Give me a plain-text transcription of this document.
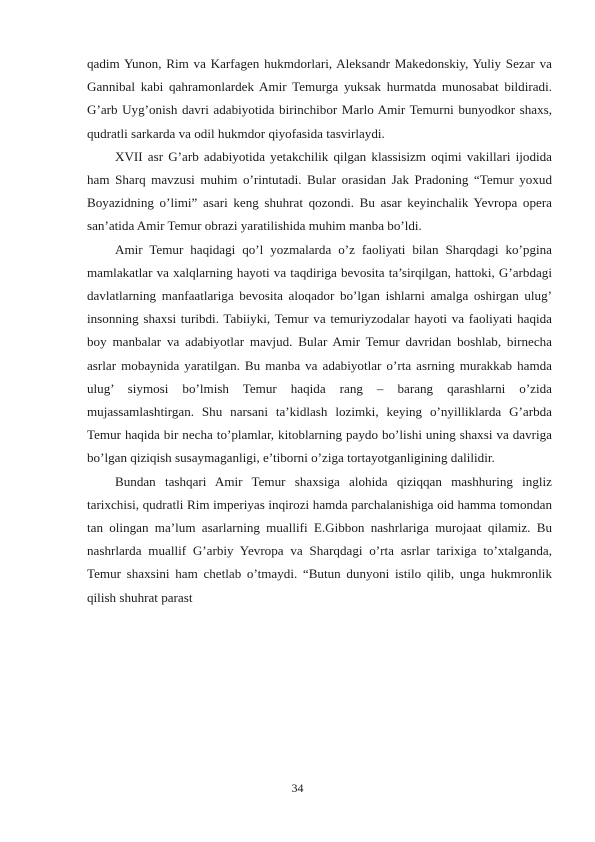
qadim Yunon, Rim va Karfagen hukmdorlari, Aleksandr Makedonskiy, Yuliy Sezar va Gannibal kabi qahramonlardek Amir Temurga yuksak hurmatda munosabat bildiradi. G’arb Uyg’onish davri adabiyotida birinchibor Marlo Amir Temurni bunyodkor shaxs, qudratli sarkarda va odil hukmdor qiyofasida tasvirlaydi.

XVII asr G’arb adabiyotida yetakchilik qilgan klassisizm oqimi vakillari ijodida ham Sharq mavzusi muhim o’rintutadi. Bular orasidan Jak Pradoning “Temur yoxud Boyazidning o’limi” asari keng shuhrat qozondi. Bu asar keyinchalik Yevropa opera san’atida Amir Temur obrazi yaratilishida muhim manba bo’ldi.

Amir Temur haqidagi qo’l yozmalarda o’z faoliyati bilan Sharqdagi ko’pgina mamlakatlar va xalqlarning hayoti va taqdiriga bevosita ta’sirqilgan, hattoki, G’arbdagi davlatlarning manfaatlariga bevosita aloqador bo’lgan ishlarni amalga oshirgan ulug’ insonning shaxsi turibdi. Tabiiyki, Temur va temuriyzodalar hayoti va faoliyati haqida boy manbalar va adabiyotlar mavjud. Bular Amir Temur davridan boshlab, birnecha asrlar mobaynida yaratilgan. Bu manba va adabiyotlar o’rta asrning murakkab hamda ulug’ siymosi bo’lmish Temur haqida rang – barang qarashlarni o’zida mujassamlashtirgan. Shu narsani ta’kidlash lozimki, keying o’nyilliklarda G’arbda Temur haqida bir necha to’plamlar, kitoblarning paydo bo’lishi uning shaxsi va davriga bo’lgan qiziqish susaymaganligi, e’tiborni o’ziga tortayotganligining dalilidir.

Bundan tashqari Amir Temur shaxsiga alohida qiziqqan mashhuring ingliz tarixchisi, qudratli Rim imperiyas inqirozi hamda parchalanishiga oid hamma tomondan tan olingan ma’lum asarlarning muallifi E.Gibbon nashrlariga murojaat qilamiz. Bu nashrlarda muallif G’arbiy Yevropa va Sharqdagi o’rta asrlar tarixiga to’xtalganda, Temur shaxsini ham chetlab o’tmaydi. “Butun dunyoni istilo qilib, unga hukmronlik qilish shuhrat parast

34
